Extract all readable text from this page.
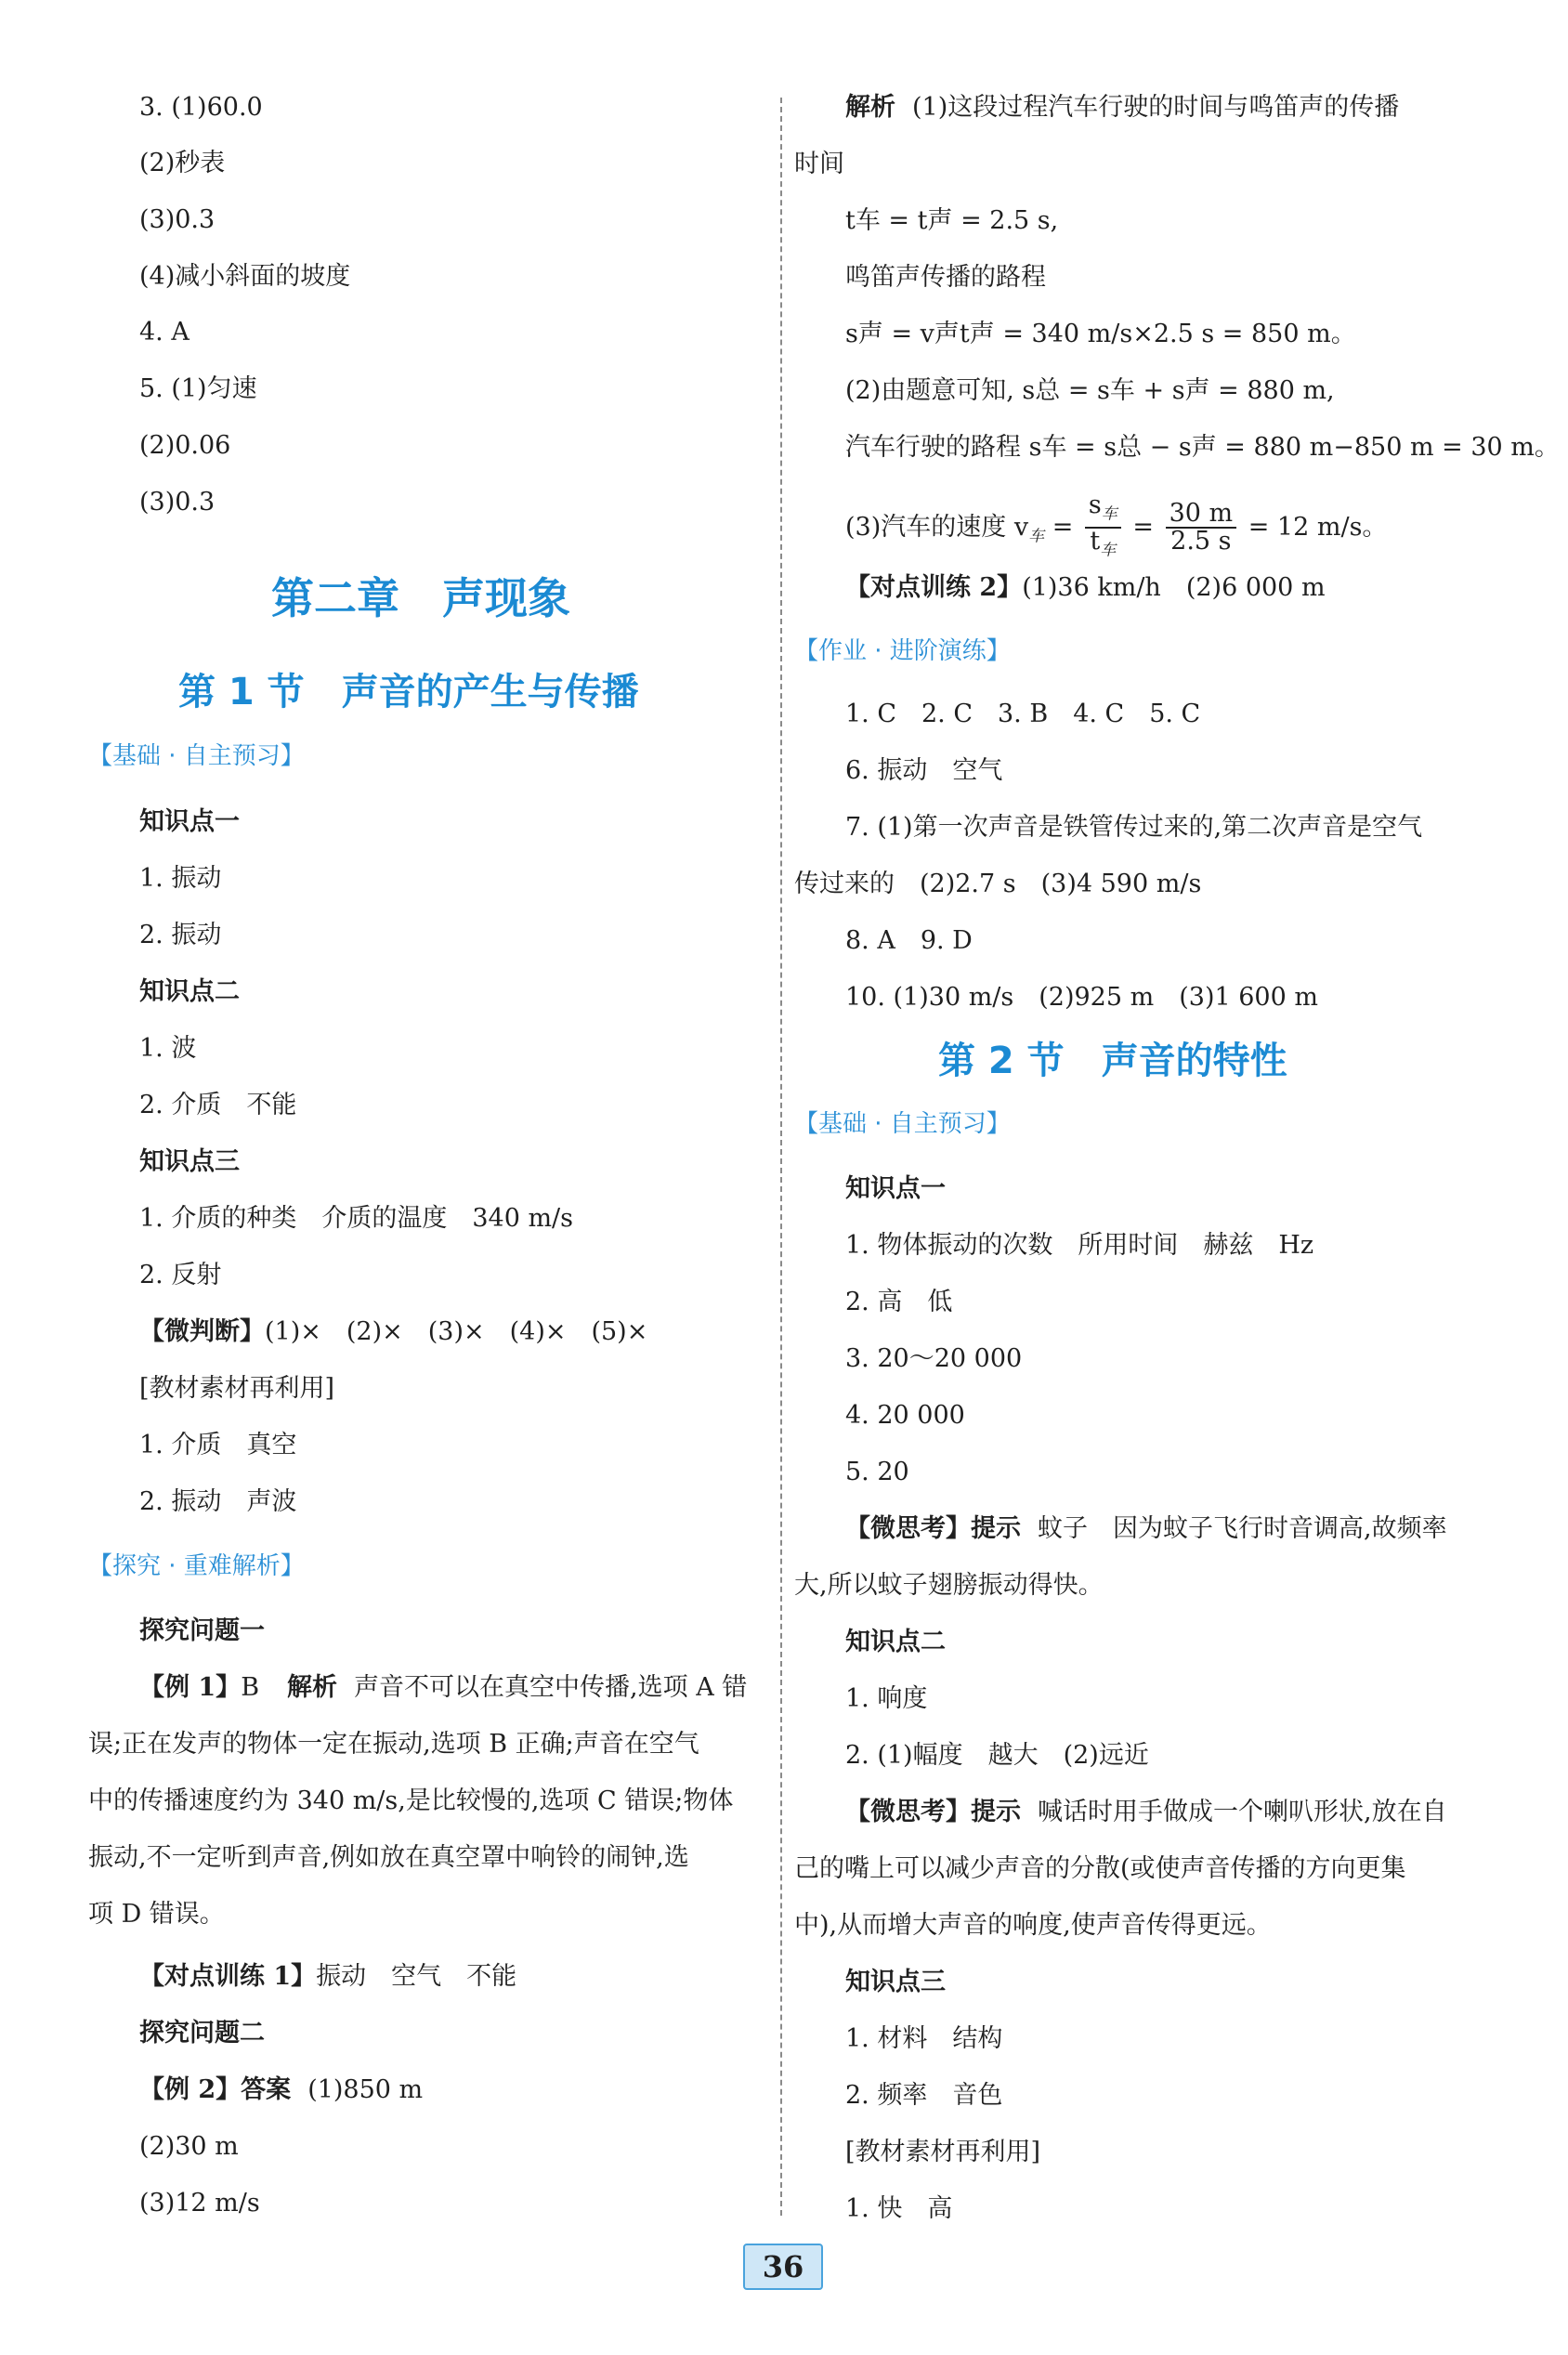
3. (1)60.0
(2)秒表
(3)0.3
(4)减小斜面的坡度
4. A
5. (1)匀速
(2)0.06
(3)0.3
第二章　声现象
第 1 节　声音的产生与传播
【基础 · 自主预习】
知识点一
1. 振动
2. 振动
知识点二
1. 波
2. 介质　不能
知识点三
1. 介质的种类　介质的温度　340 m/s
2. 反射
【微判断】(1)×　(2)×　(3)×　(4)×　(5)×
[教材素材再利用]
1. 介质　真空
2. 振动　声波
【探究 · 重难解析】
探究问题一
【例 1】B 解析 声音不可以在真空中传播,选项 A 错
误;正在发声的物体一定在振动,选项 B 正确;声音在空气
中的传播速度约为 340 m/s,是比较慢的,选项 C 错误;物体
振动,不一定听到声音,例如放在真空罩中响铃的闹钟,选
项 D 错误。
【对点训练 1】振动　空气　不能
探究问题二
【例 2】答案 (1)850 m
(2)30 m
(3)12 m/s
解析 (1)这段过程汽车行驶的时间与鸣笛声的传播
时间
t车 = t声 = 2.5 s,
鸣笛声传播的路程
s声 = v声t声 = 340 m/s×2.5 s = 850 m。
(2)由题意可知, s总 = s车 + s声 = 880 m,
汽车行驶的路程 s车 = s总 − s声 = 880 m−850 m = 30 m。
(3)汽车的速度 $v_车 = \frac{s_车}{t_车} = \frac{30 m}{2.5 s} = 12$ m/s。
【对点训练 2】(1)36 km/h　(2)6 000 m
【作业 · 进阶演练】
1. C　2. C　3. B　4. C　5. C
6. 振动　空气
7. (1)第一次声音是铁管传过来的,第二次声音是空气
传过来的　(2)2.7 s　(3)4 590 m/s
8. A　9. D
10. (1)30 m/s　(2)925 m　(3)1 600 m
第 2 节　声音的特性
【基础 · 自主预习】
知识点一
1. 物体振动的次数　所用时间　赫兹　Hz
2. 高　低
3. 20～20 000
4. 20 000
5. 20
【微思考】提示 蚊子　因为蚊子飞行时音调高,故频率
大,所以蚊子翅膀振动得快。
知识点二
1. 响度
2. (1)幅度　越大　(2)远近
【微思考】提示 喊话时用手做成一个喇叭形状,放在自
己的嘴上可以减少声音的分散(或使声音传播的方向更集
中),从而增大声音的响度,使声音传得更远。
知识点三
1. 材料　结构
2. 频率　音色
[教材素材再利用]
1. 快　高
36
